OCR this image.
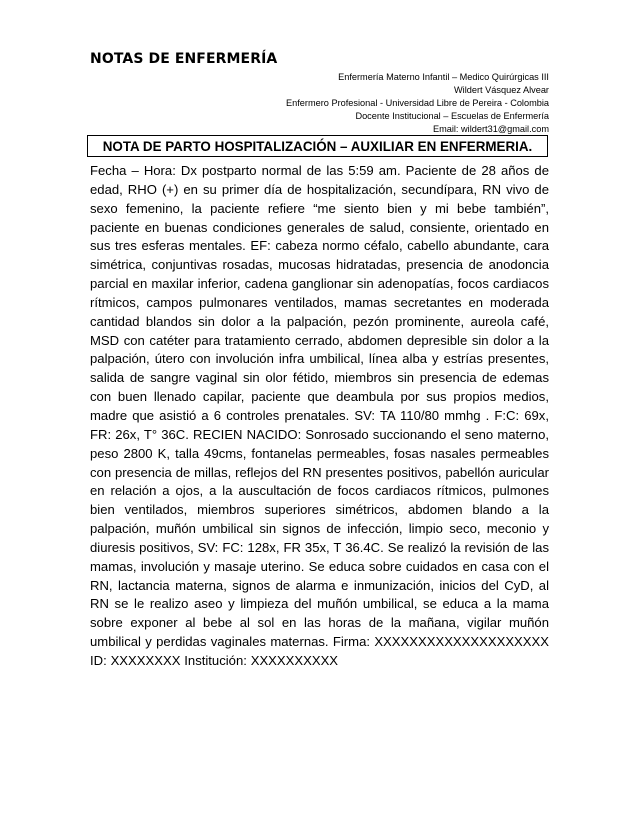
NOTAS DE ENFERMERÍA
Enfermería Materno Infantil – Medico Quirúrgicas III
Wildert Vásquez Alvear
Enfermero Profesional - Universidad Libre de Pereira - Colombia
Docente Institucional – Escuelas de Enfermería
Email: wildert31@gmail.com
NOTA DE PARTO HOSPITALIZACIÓN – AUXILIAR EN ENFERMERIA.

Fecha – Hora: Dx postparto normal de las 5:59 am. Paciente de 28 años de edad, RHO (+) en su primer día de hospitalización, secundípara, RN vivo de sexo femenino, la paciente refiere “me siento bien y mi bebe también”, paciente en buenas condiciones generales de salud, consiente, orientado en sus tres esferas mentales. EF: cabeza normo céfalo, cabello abundante, cara simétrica, conjuntivas rosadas, mucosas hidratadas, presencia de anodoncia parcial en maxilar inferior, cadena ganglionar sin adenopatías, focos cardiacos rítmicos, campos pulmonares ventilados, mamas secretantes en moderada cantidad blandos sin dolor a la palpación, pezón prominente, aureola café, MSD con catéter para tratamiento cerrado, abdomen depresible sin dolor a la palpación, útero con involución infra umbilical, línea alba y estrías presentes, salida de sangre vaginal sin olor fétido, miembros sin presencia de edemas con buen llenado capilar, paciente que deambula por sus propios medios, madre que asistió a 6 controles prenatales. SV: TA 110/80 mmhg . F:C: 69x, FR: 26x, T° 36C. RECIEN NACIDO: Sonrosado succionando el seno materno, peso 2800 K, talla 49cms, fontanelas permeables, fosas nasales permeables con presencia de millas, reflejos del RN presentes positivos, pabellón auricular en relación a ojos, a la auscultación de focos cardiacos rítmicos, pulmones bien ventilados, miembros superiores simétricos, abdomen blando a la palpación, muñón umbilical sin signos de infección, limpio seco, meconio y diuresis positivos, SV: FC: 128x, FR 35x, T 36.4C. Se realizó la revisión de las mamas, involución y masaje uterino. Se educa sobre cuidados en casa con el RN, lactancia materna, signos de alarma e inmunización, inicios del CyD, al RN se le realizo aseo y limpieza del muñón umbilical, se educa a la mama sobre exponer al bebe al sol en las horas de la mañana, vigilar muñón umbilical y perdidas vaginales maternas. Firma: XXXXXXXXXXXXXXXXXXXX ID: XXXXXXXX Institución: XXXXXXXXXX
